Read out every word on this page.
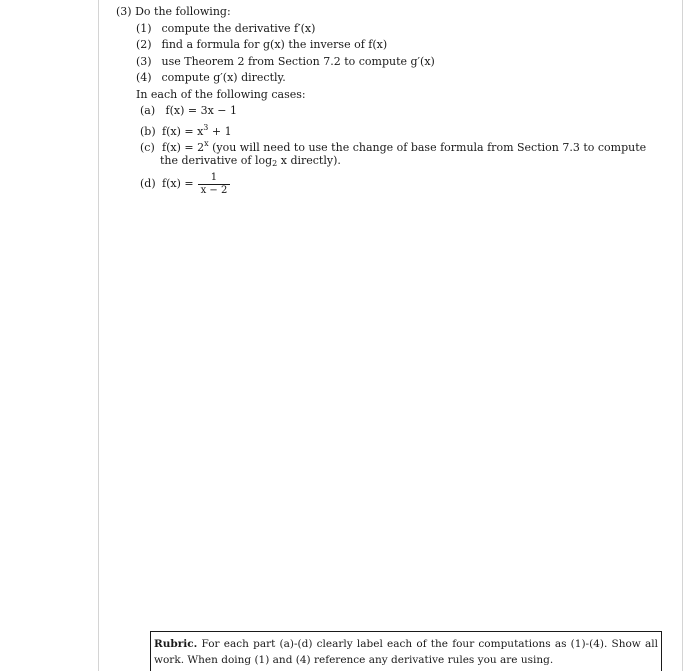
(3) Do the following:
(1) compute the derivative f′(x)
(2) find a formula for g(x) the inverse of f(x)
(3) use Theorem 2 from Section 7.2 to compute g′(x)
(4) compute g′(x) directly.
In each of the following cases:
(a) f(x) = 3x − 1
(b) $f(x) = x^3 + 1$
(c) $f(x) = 2^x$ (you will need to use the change of base formula from Section 7.3 to compute
the derivative of $\log_2 x$ directly).
(d) $f(x) = \frac{1}{x - 2}$
Rubric. For each part (a)-(d) clearly label each of the four computations as (1)-(4). Show all work. When doing (1) and (4) reference any derivative rules you are using.
